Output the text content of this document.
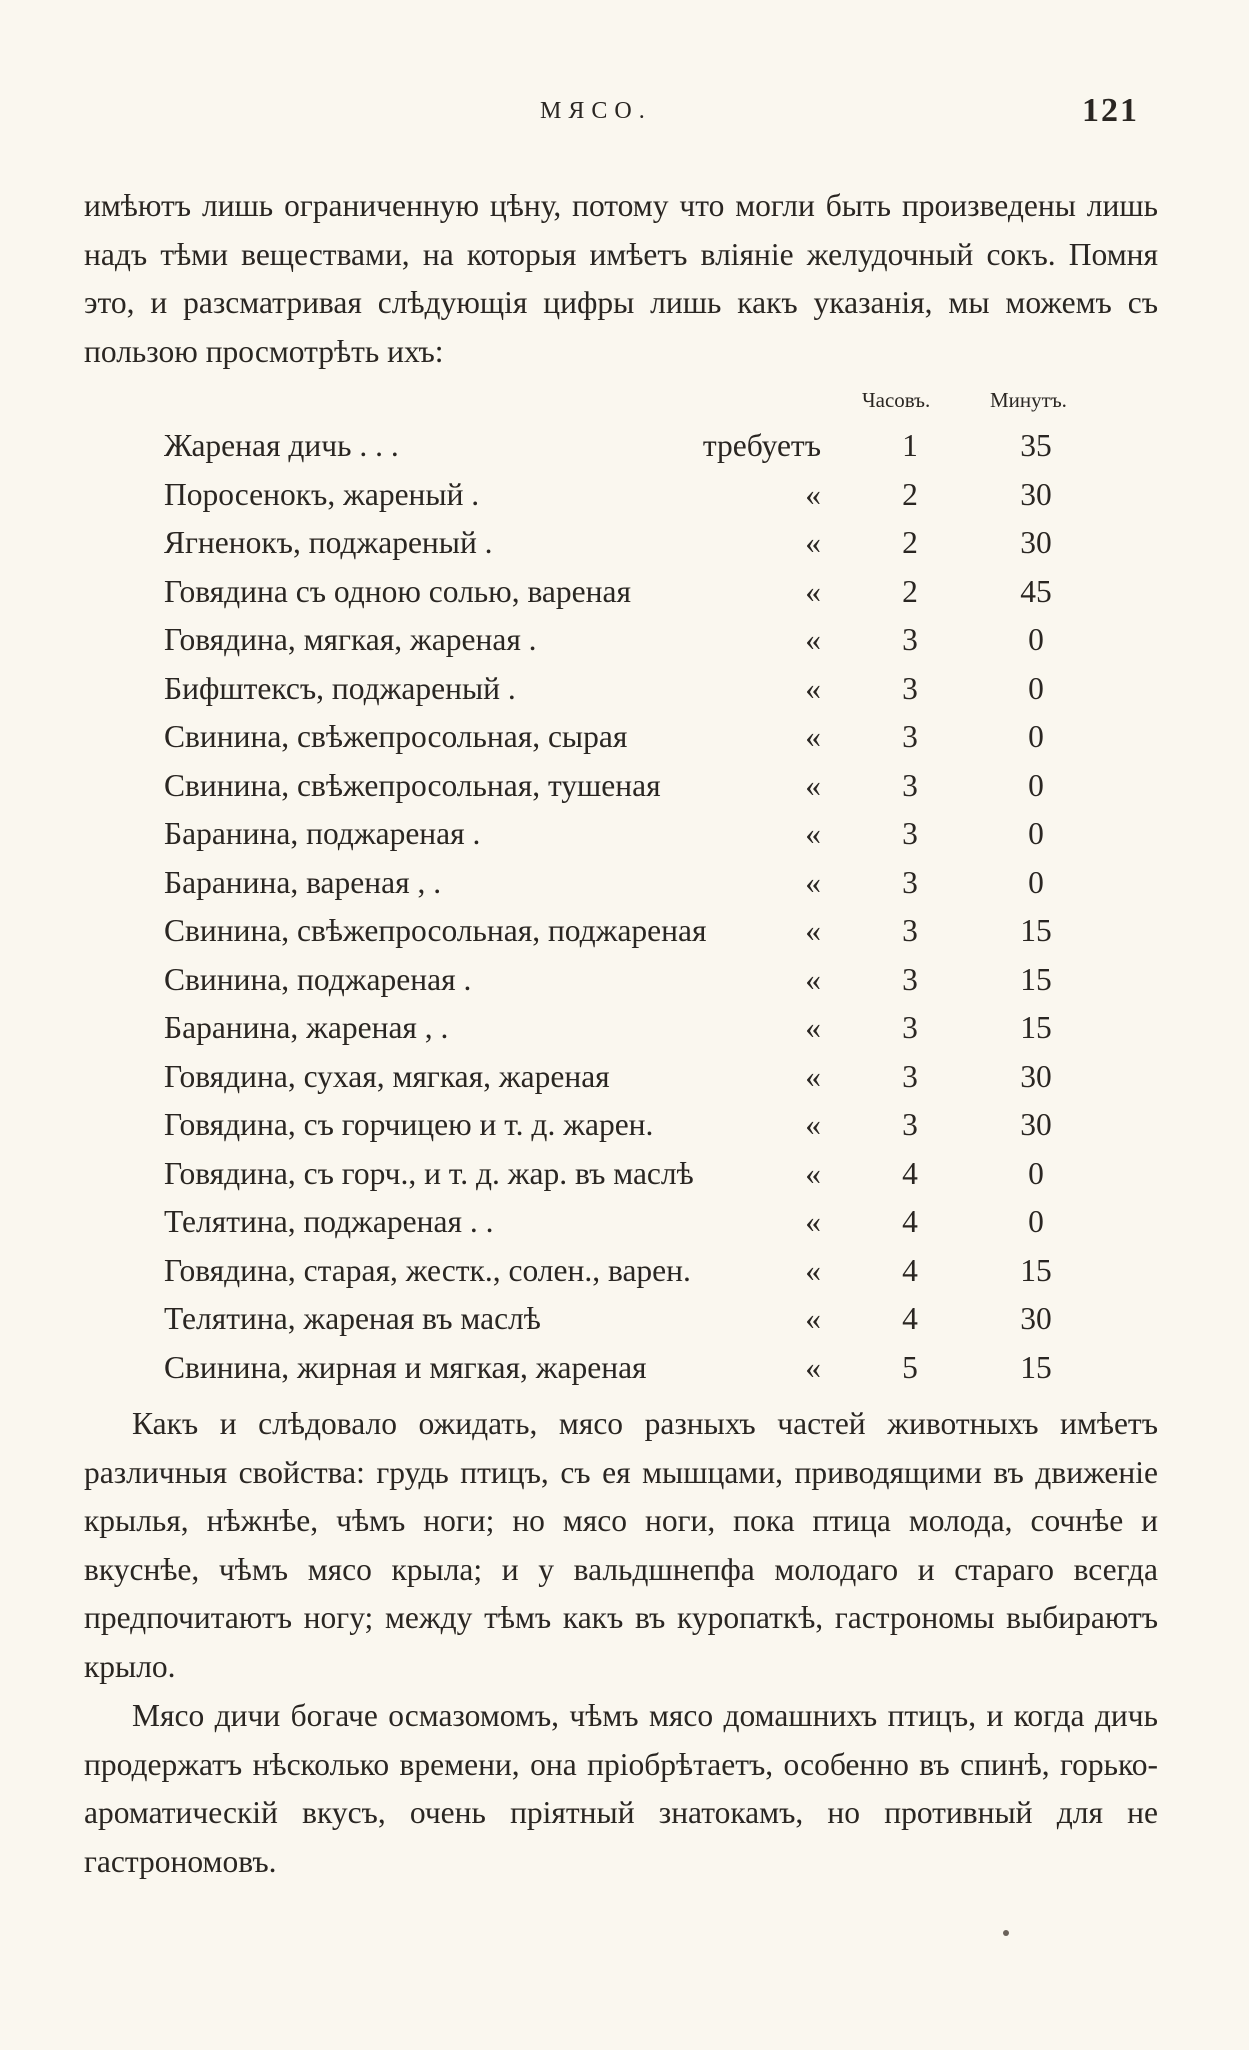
МЯСО.	121

имѣютъ лишь ограниченную цѣну, потому что могли быть произведены лишь надъ тѣми веществами, на которыя имѣетъ вліяніе желудочный сокъ. Помня это, и разсматривая слѣдующія цифры лишь какъ указанія, мы можемъ съ пользою просмотрѣть ихъ:

Часовъ.	Минутъ.
Жареная дичь . . .	требуетъ	1	35
Поросенокъ, жареный .	«	2	30
Ягненокъ, поджареный .	«	2	30
Говядина съ одною солью, вареная	«	2	45
Говядина, мягкая, жареная .	«	3	0
Бифштексъ, поджареный .	«	3	0
Свинина, свѣжепросольная, сырая	«	3	0
Свинина, свѣжепросольная, тушеная	«	3	0
Баранина, поджареная .	«	3	0
Баранина, вареная , .	«	3	0
Свинина, свѣжепросольная, поджареная	«	3	15
Свинина, поджареная .	«	3	15
Баранина, жареная , .	«	3	15
Говядина, сухая, мягкая, жареная	«	3	30
Говядина, съ горчицею и т. д. жарен.	«	3	30
Говядина, съ горч., и т. д. жар. въ маслѣ	«	4	0
Телятина, поджареная . .	«	4	0
Говядина, старая, жестк., солен., варен.	«	4	15
Телятина, жареная въ маслѣ	«	4	30
Свинина, жирная и мягкая, жареная	«	5	15

Какъ и слѣдовало ожидать, мясо разныхъ частей животныхъ имѣетъ различныя свойства: грудь птицъ, съ ея мышцами, приводящими въ движеніе крылья, нѣжнѣе, чѣмъ ноги; но мясо ноги, пока птица молода, сочнѣе и вкуснѣе, чѣмъ мясо крыла; и у вальдшнепфа молодаго и стараго всегда предпочитаютъ ногу; между тѣмъ какъ въ куропаткѣ, гастрономы выбираютъ крыло.

Мясо дичи богаче осмазомомъ, чѣмъ мясо домашнихъ птицъ, и когда дичь продержатъ нѣсколько времени, она пріобрѣтаетъ, особенно въ спинѣ, горько-ароматическій вкусъ, очень пріятный знатокамъ, но противный для не гастрономовъ.
